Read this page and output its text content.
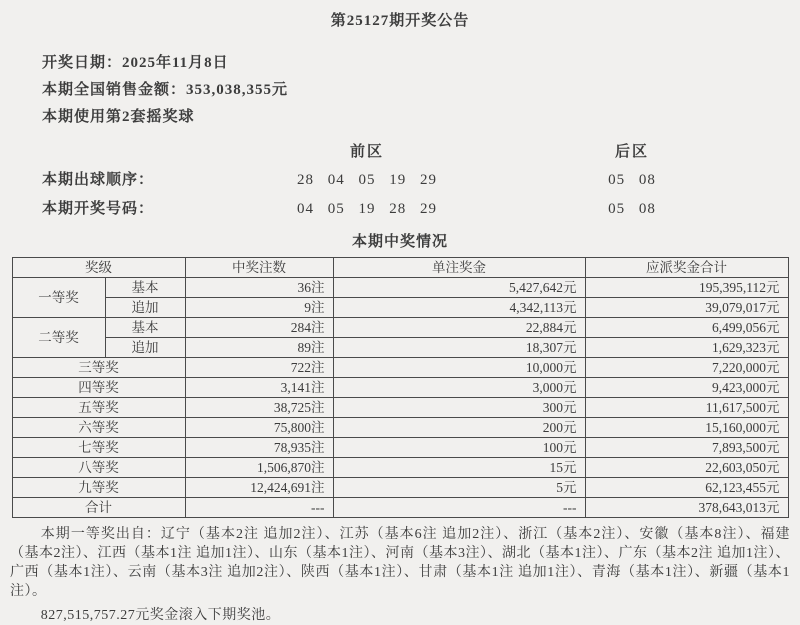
第25127期开奖公告
开奖日期：2025年11月8日
本期全国销售金额：353,038,355元
本期使用第2套摇奖球
前区	后区
本期出球顺序：	28 04 05 19 29	05 08
本期开奖号码：	04 05 19 28 29	05 08
本期中奖情况
奖级		中奖注数	单注奖金	应派奖金合计
一等奖	基本	36注	5,427,642元	195,395,112元
	追加	9注	4,342,113元	39,079,017元
二等奖	基本	284注	22,884元	6,499,056元
	追加	89注	18,307元	1,629,323元
三等奖		722注	10,000元	7,220,000元
四等奖		3,141注	3,000元	9,423,000元
五等奖		38,725注	300元	11,617,500元
六等奖		75,800注	200元	15,160,000元
七等奖		78,935注	100元	7,893,500元
八等奖		1,506,870注	15元	22,603,050元
九等奖		12,424,691注	5元	62,123,455元
合计		---	---	378,643,013元

本期一等奖出自：辽宁（基本2注 追加2注）、江苏（基本6注 追加2注）、浙江（基本2注）、安徽（基本8注）、福建（基本2注）、江西（基本1注 追加1注）、山东（基本1注）、河南（基本3注）、湖北（基本1注）、广东（基本2注 追加1注）、广西（基本1注）、云南（基本3注 追加2注）、陕西（基本1注）、甘肃（基本1注 追加1注）、青海（基本1注）、新疆（基本1注）。

827,515,757.27元奖金滚入下期奖池。
